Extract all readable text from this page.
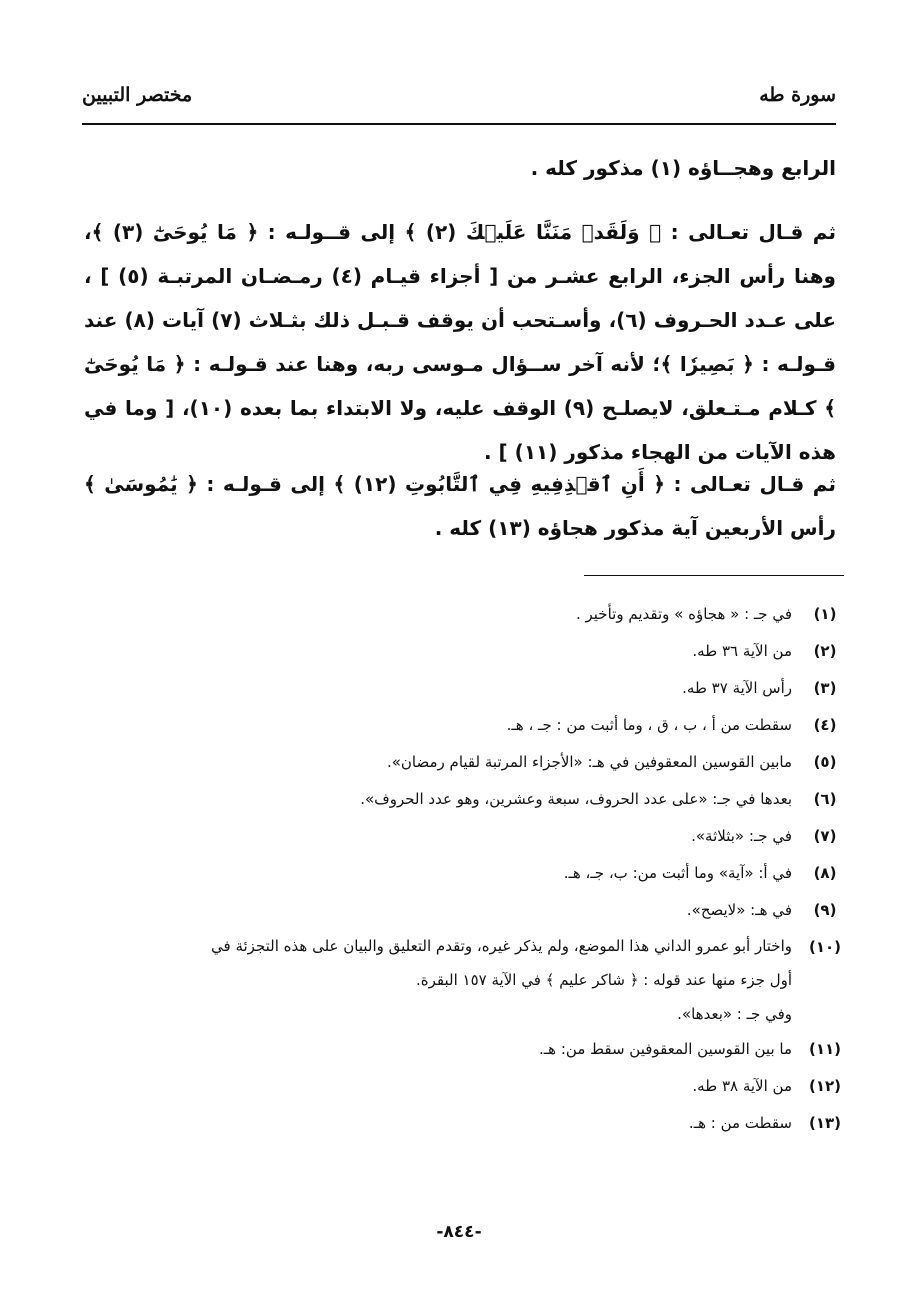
سورة طه
مختصر التبيين

الرابع وهجــاؤه (١) مذكور كله .

ثم قـال تعـالى : ﴿ وَلَقَدۡ مَنَنَّا عَلَيۡكَ (٢) ﴾ إلى قــولـه : ﴿ مَا يُوحَىٰٓ (٣) ﴾، وهنا رأس الجزء، الرابع عشـر من [ أجزاء قيـام (٤) رمـضـان المرتبـة (٥) ] ، على عـدد الحـروف (٦)، وأسـتحب أن يوقف قـبـل ذلك بثـلاث (٧) آيات (٨) عند قـولـه : ﴿ بَصِيرٗا ﴾؛ لأنه آخر ســؤال مـوسى ربه، وهنا عند قـولـه : ﴿ مَا يُوحَىٰٓ ﴾ كـلام مـتـعلق، لايصلـح (٩) الوقف عليه، ولا الابتداء بما بعده (١٠)، [ وما في هذه الآيات من الهجاء مذكور (١١) ] .

ثم قـال تعـالى : ﴿ أَنِ ٱقۡذِفِيهِ فِي ٱلتَّابُوتِ (١٢) ﴾ إلى قـولـه : ﴿ يَٰمُوسَىٰ ﴾ رأس الأربعين آية مذكور هجاؤه (١٣) كله .

(١)
في جـ : « هجاؤه » وتقديم وتأخير .
(٢)
من الآية ٣٦ طه.
(٣)
رأس الآية ٣٧ طه.
(٤)
سقطت من أ ، ب ، ق ، وما أثبت من : جـ ، هـ.
(٥)
مابين القوسين المعقوفين في هـ: «الأجزاء المرتبة لقيام رمضان».
(٦)
بعدها في جـ: «على عدد الحروف، سبعة وعشرين، وهو عدد الحروف».
(٧)
في جـ: «بثلاثة».
(٨)
في أ: «آية» وما أثبت من: ب، جـ، هـ.
(٩)
في هـ: «لايصح».
(١٠)
واختار أبو عمرو الداني هذا الموضع، ولم يذكر غيره، وتقدم التعليق والبيان على هذه التجزئة في
أول جزء منها عند قوله : ﴿ شاكر عليم ﴾ في الآية ١٥٧ البقرة.
وفي جـ : «بعدها».
(١١)
ما بين القوسين المعقوفين سقط من: هـ.
(١٢)
من الآية ٣٨ طه.
(١٣)
سقطت من : هـ.
-٨٤٤-
